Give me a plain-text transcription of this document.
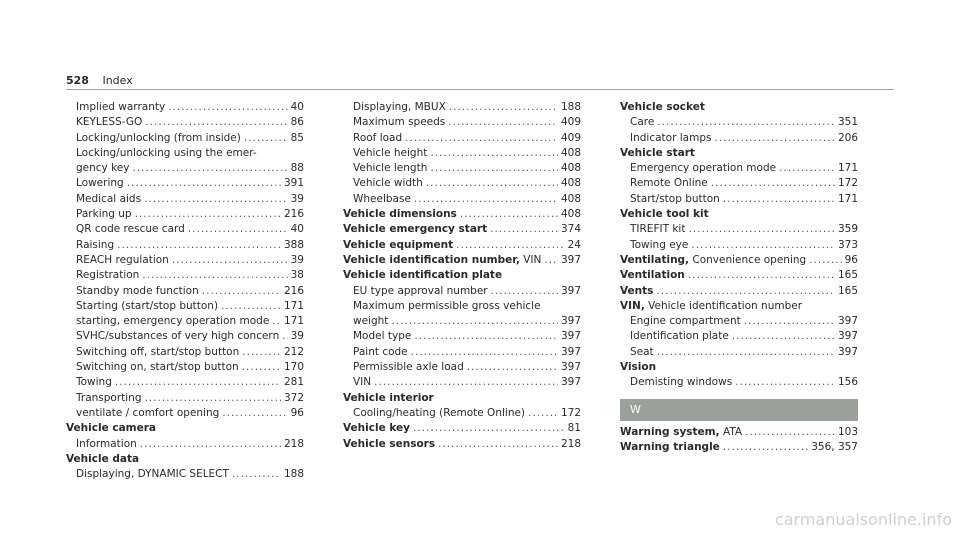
528 Index
Implied warranty .....	40
KEYLESS-GO .....	86
Locking/unlocking (from inside) .....	85
Locking/unlocking using the emer-
gency key .....	88
Lowering .....	391
Medical aids .....	39
Parking up .....	216
QR code rescue card .....	40
Raising .....	388
REACH regulation .....	39
Registration .....	38
Standby mode function .....	216
Starting (start/stop button) .....	171
starting, emergency operation mode ..... 171
SVHC/substances of very high concern ..... 39
Switching off, start/stop button .....	212
Switching on, start/stop button .....	170
Towing .....	281
Transporting .....	372
ventilate / comfort opening .....	96
Vehicle camera
Information .....	218
Vehicle data
Displaying, DYNAMIC SELECT .....	188
Displaying, MBUX .....	188
Maximum speeds .....	409
Roof load .....	409
Vehicle height .....	408
Vehicle length .....	408
Vehicle width .....	408
Wheelbase .....	408
Vehicle dimensions .....	408
Vehicle emergency start .....	374
Vehicle equipment .....	24
Vehicle identification number, VIN ..... 397
Vehicle identification plate
EU type approval number .....	397
Maximum permissible gross vehicle
weight .....	397
Model type .....	397
Paint code .....	397
Permissible axle load .....	397
VIN .....	397
Vehicle interior
Cooling/heating (Remote Online) .....	172
Vehicle key .....	81
Vehicle sensors .....	218
Vehicle socket
Care .....	351
Indicator lamps .....	206
Vehicle start
Emergency operation mode .....	171
Remote Online .....	172
Start/stop button .....	171
Vehicle tool kit
TIREFIT kit .....	359
Towing eye .....	373
Ventilating, Convenience opening .....	96
Ventilation .....	165
Vents .....	165
VIN, Vehicle identification number
Engine compartment .....	397
Identification plate .....	397
Seat .....	397
Vision
Demisting windows .....	156
W
Warning system, ATA .....	103
Warning triangle .....	356, 357
carmanualsonline.info
